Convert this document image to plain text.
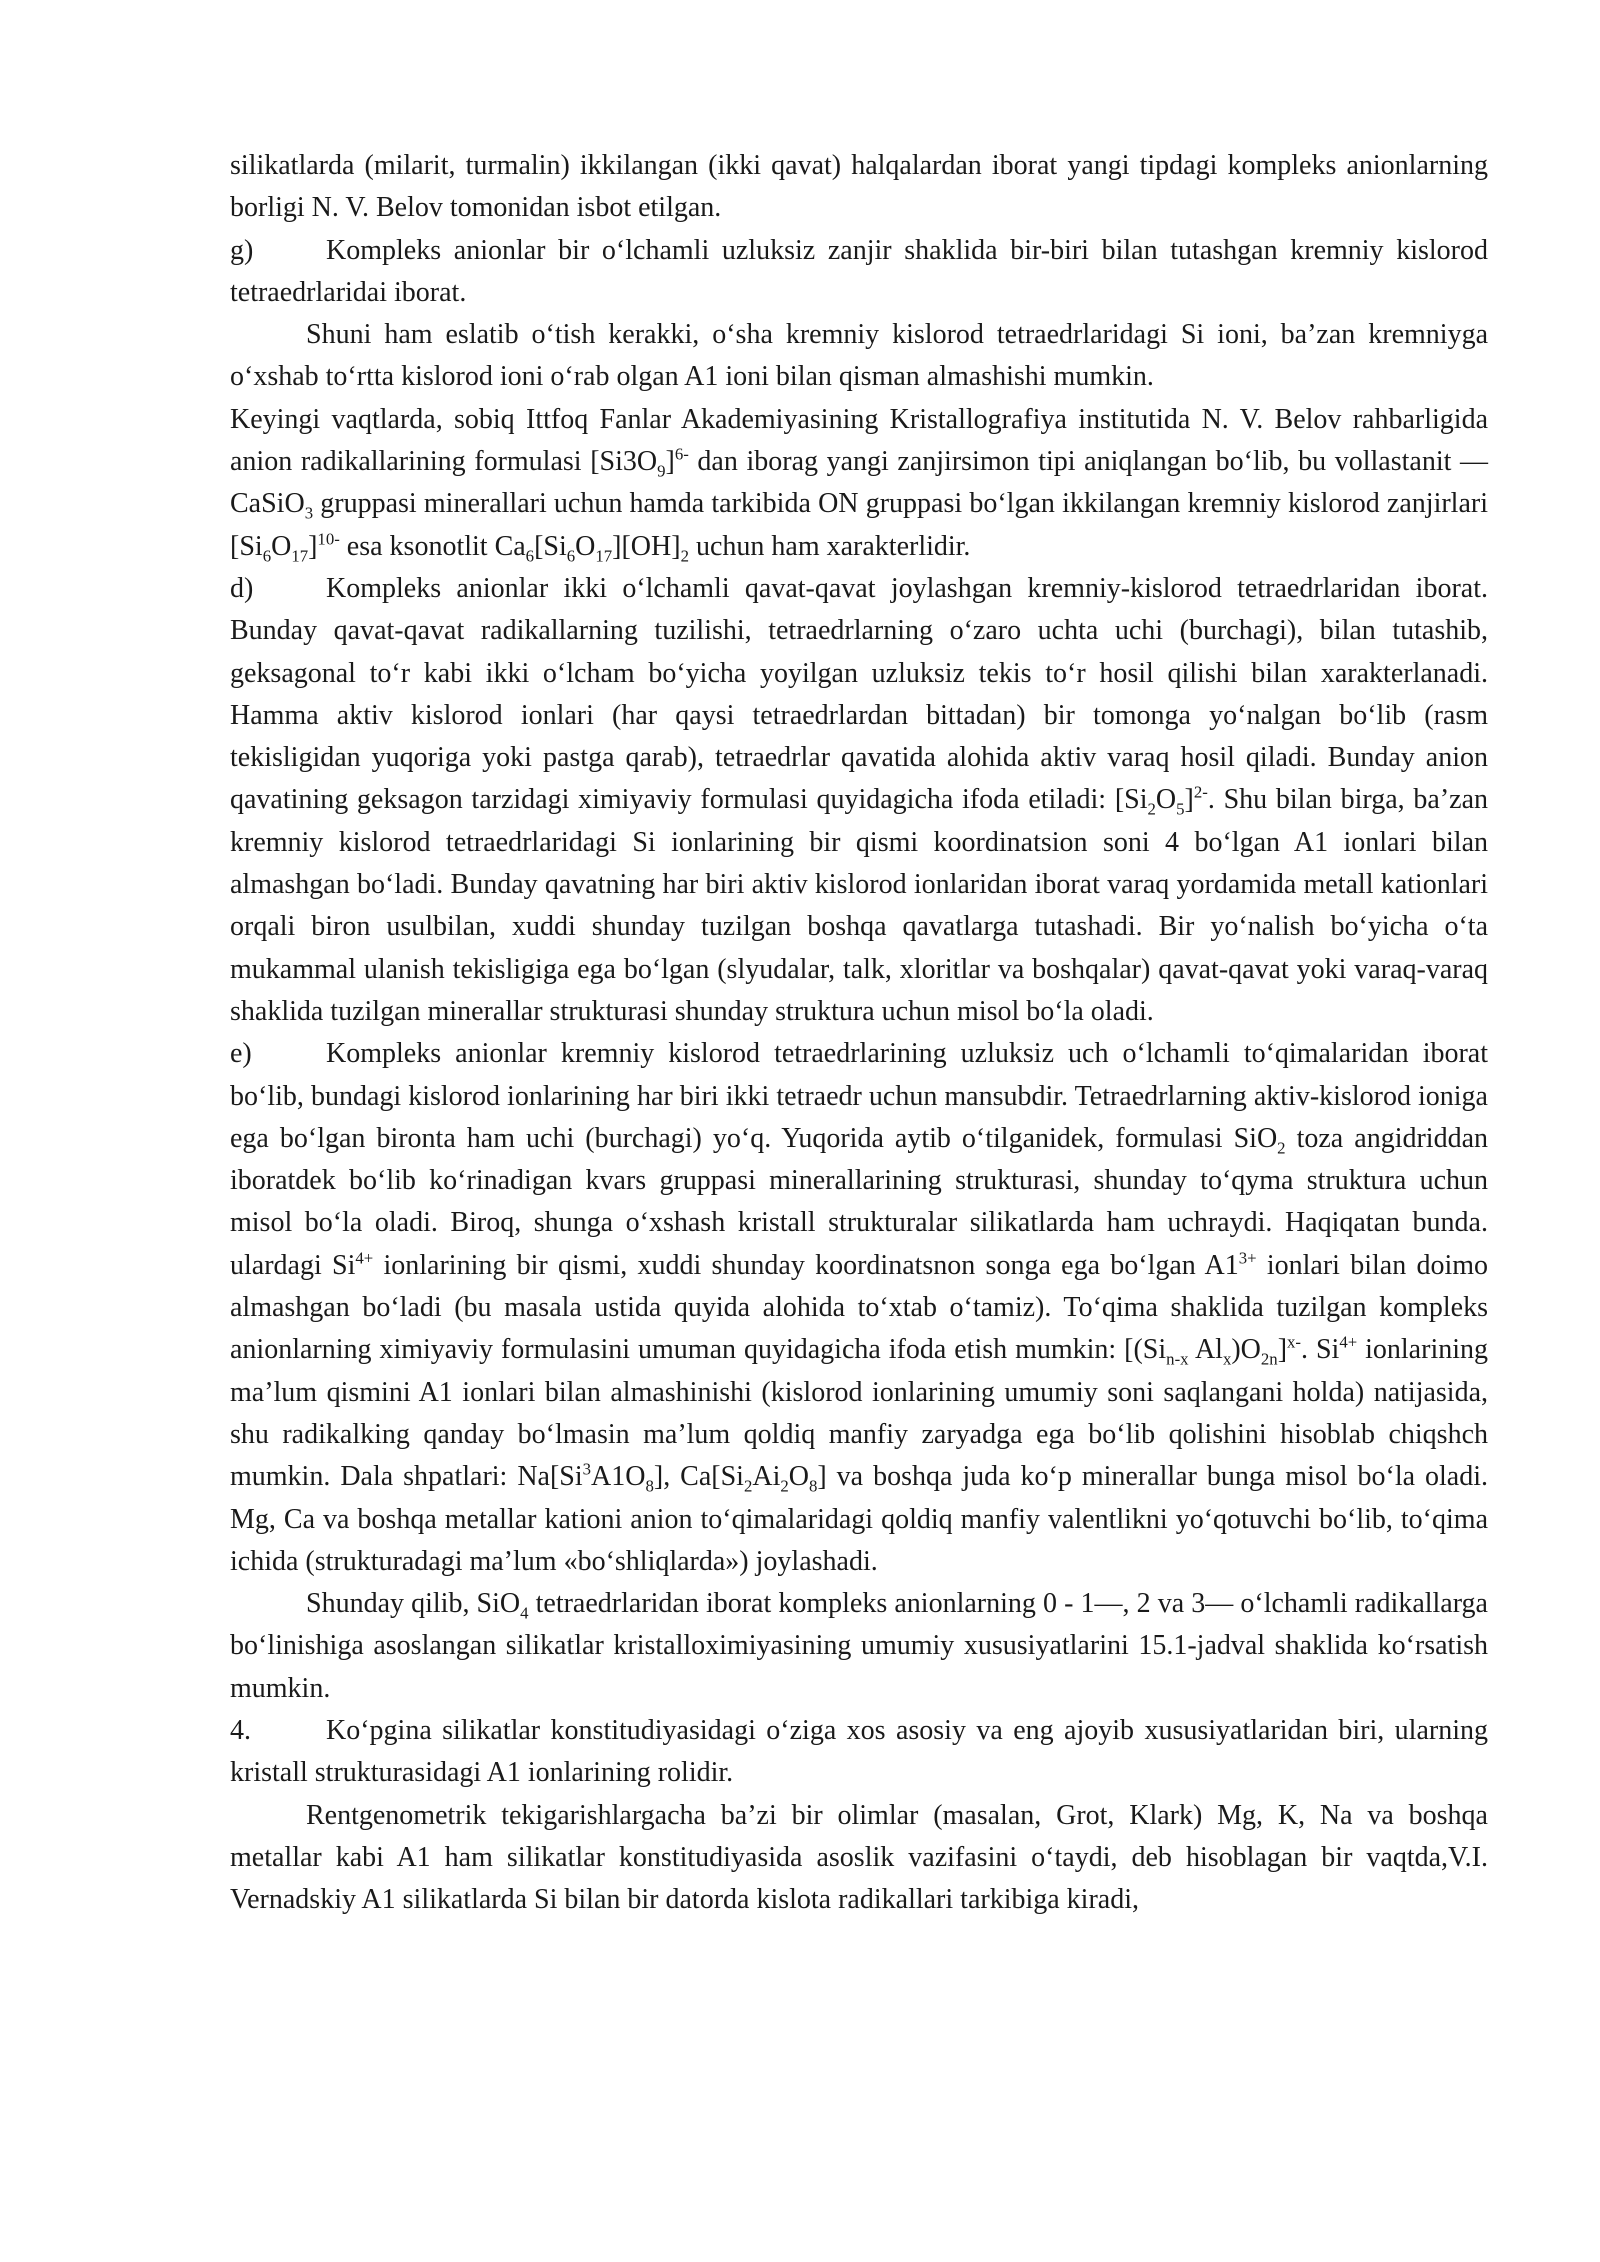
silikatlarda (milarit, turmalin) ikkilangan (ikki qavat) halqalardan iborat yangi tipdagi kompleks anionlarning borligi N. V. Belov tomonidan isbot etilgan.

g)	Kompleks anionlar bir o‘lchamli uzluksiz zanjir shaklida bir-biri bilan tutashgan kremniy kislorod tetraedrlaridai iborat.

Shuni ham eslatib o‘tish kerakki, o‘sha kremniy kislorod tetraedrlaridagi Si ioni, ba’zan kremniyga o‘xshab to‘rtta kislorod ioni o‘rab olgan A1 ioni bilan qisman almashishi mumkin.

Keyingi vaqtlarda, sobiq Ittfoq Fanlar Akademiyasining Kristallografiya institutida N. V. Belov rahbarligida anion radikallarining formulasi $[Si3O_9]^{6-}$ dan iborag yangi zanjirsimon tipi aniqlangan bo‘lib, bu vollastanit — CaSiO$_3$ gruppasi minerallari uchun hamda tarkibida ON gruppasi bo‘lgan ikkilangan kremniy kislorod zanjirlari $[Si_6O_{17}]^{10-}$ esa ksonotlit $Ca_6[Si_6O_{17}][OH]_2$ uchun ham xarakterlidir.

d)	Kompleks anionlar ikki o‘lchamli qavat-qavat joylashgan kremniy-kislorod tetraedrlaridan iborat. Bunday qavat-qavat radikallarning tuzilishi, tetraedrlarning o‘zaro uchta uchi (burchagi), bilan tutashib, geksagonal to‘r kabi ikki o‘lcham bo‘yicha yoyilgan uzluksiz tekis to‘r hosil qilishi bilan xarakterlanadi. Hamma aktiv kislorod ionlari (har qaysi tetraedrlardan bittadan) bir tomonga yo‘nalgan bo‘lib (rasm tekisligidan yuqoriga yoki pastga qarab), tetraedrlar qavatida alohida aktiv varaq hosil qiladi. Bunday anion qavatining geksagon tarzidagi ximiyaviy formulasi quyidagicha ifoda etiladi: $[Si_2O_5]^{2-}$. Shu bilan birga, ba’zan kremniy kislorod tetraedrlaridagi Si ionlarining bir qismi koordinatsion soni 4 bo‘lgan A1 ionlari bilan almashgan bo‘ladi. Bunday qavatning har biri aktiv kislorod ionlaridan iborat varaq yordamida metall kationlari orqali biron usulbilan, xuddi shunday tuzilgan boshqa qavatlarga tutashadi. Bir yo‘nalish bo‘yicha o‘ta mukammal ulanish tekisligiga ega bo‘lgan (slyudalar, talk, xloritlar va boshqalar) qavat-qavat yoki varaq-varaq shaklida tuzilgan minerallar strukturasi shunday struktura uchun misol bo‘la oladi.

e)	Kompleks anionlar kremniy kislorod tetraedrlarining uzluksiz uch o‘lchamli to‘qimalaridan iborat bo‘lib, bundagi kislorod ionlarining har biri ikki tetraedr uchun mansubdir. Tetraedrlarning aktiv-kislorod ioniga ega bo‘lgan bironta ham uchi (burchagi) yo‘q. Yuqorida aytib o‘tilganidek, formulasi SiO$_2$ toza angidriddan iboratdek bo‘lib ko‘rinadigan kvars gruppasi minerallarining strukturasi, shunday to‘qyma struktura uchun misol bo‘la oladi. Biroq, shunga o‘xshash kristall strukturalar silikatlarda ham uchraydi. Haqiqatan bunda. ulardagi $Si^{4+}$ ionlarining bir qismi, xuddi shunday koordinatsnon songa ega bo‘lgan $A1^{3+}$ ionlari bilan doimo almashgan bo‘ladi (bu masala ustida quyida alohida to‘xtab o‘tamiz). To‘qima shaklida tuzilgan kompleks anionlarning ximiyaviy formulasini umuman quyidagicha ifoda etish mumkin: [($Si_{n-x}$ $Al_x)O_{2n}]^{x-}$. $Si^{4+}$ ionlarining ma’lum qismini A1 ionlari bilan almashinishi (kislorod ionlarining umumiy soni saqlangani holda) natijasida, shu radikalking qanday bo‘lmasin ma’lum qoldiq manfiy zaryadga ega bo‘lib qolishini hisoblab chiqshch mumkin. Dala shpatlari: $Na[Si^3A1O_8]$, $Ca[Si_2Ai_2O_8]$ va boshqa juda ko‘p minerallar bunga misol bo‘la oladi. Mg, Ca va boshqa metallar kationi anion to‘qimalaridagi qoldiq manfiy valentlikni yo‘qotuvchi bo‘lib, to‘qima ichida (strukturadagi ma’lum «bo‘shliqlarda») joylashadi.

Shunday qilib, SiO$_4$ tetraedrlaridan iborat kompleks anionlarning 0 - 1—, 2 va 3— o‘lchamli radikallarga bo‘linishiga asoslangan silikatlar kristalloximiyasining umumiy xususiyatlarini 15.1-jadval shaklida ko‘rsatish mumkin.

4.	Ko‘pgina silikatlar konstitudiyasidagi o‘ziga xos asosiy va eng ajoyib xususiyatlaridan biri, ularning kristall strukturasidagi A1 ionlarining rolidir.

Rentgenometrik tekigarishlargacha ba’zi bir olimlar (masalan, Grot, Klark) Mg, K, Na va boshqa metallar kabi A1 ham silikatlar konstitudiyasida asoslik vazifasini o‘taydi, deb hisoblagan bir vaqtda,V.I. Vernadskiy A1 silikatlarda Si bilan bir datorda kislota radikallari tarkibiga kiradi,
